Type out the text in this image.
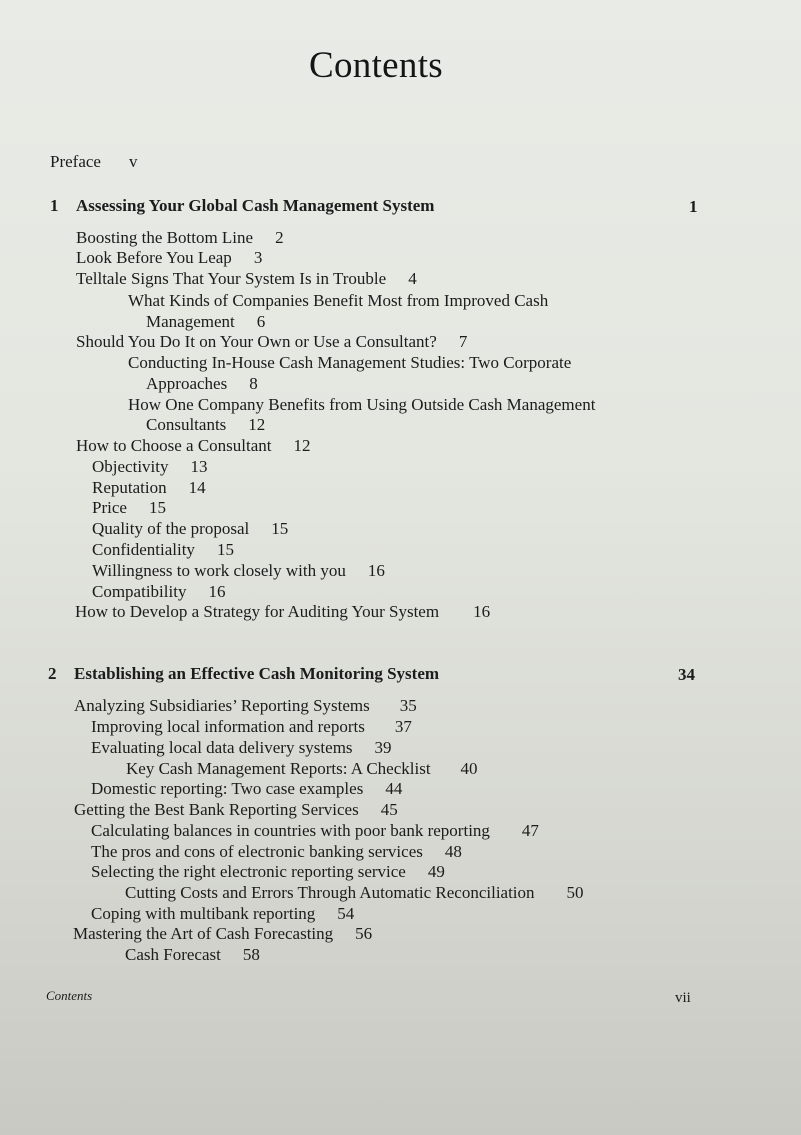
Contents
Preface v
1 Assessing Your Global Cash Management System	1
Boosting the Bottom Line 2
Look Before You Leap 3
Telltale Signs That Your System Is in Trouble 4
What Kinds of Companies Benefit Most from Improved Cash
Management 6
Should You Do It on Your Own or Use a Consultant? 7
Conducting In-House Cash Management Studies: Two Corporate
Approaches 8
How One Company Benefits from Using Outside Cash Management
Consultants 12
How to Choose a Consultant 12
Objectivity 13
Reputation 14
Price 15
Quality of the proposal 15
Confidentiality 15
Willingness to work closely with you 16
Compatibility 16
How to Develop a Strategy for Auditing Your System 16
2 Establishing an Effective Cash Monitoring System	34
Analyzing Subsidiaries’ Reporting Systems 35
Improving local information and reports 37
Evaluating local data delivery systems 39
Key Cash Management Reports: A Checklist 40
Domestic reporting: Two case examples 44
Getting the Best Bank Reporting Services 45
Calculating balances in countries with poor bank reporting 47
The pros and cons of electronic banking services 48
Selecting the right electronic reporting service 49
Cutting Costs and Errors Through Automatic Reconciliation 50
Coping with multibank reporting 54
Mastering the Art of Cash Forecasting 56
Cash Forecast 58
Contents	vii
